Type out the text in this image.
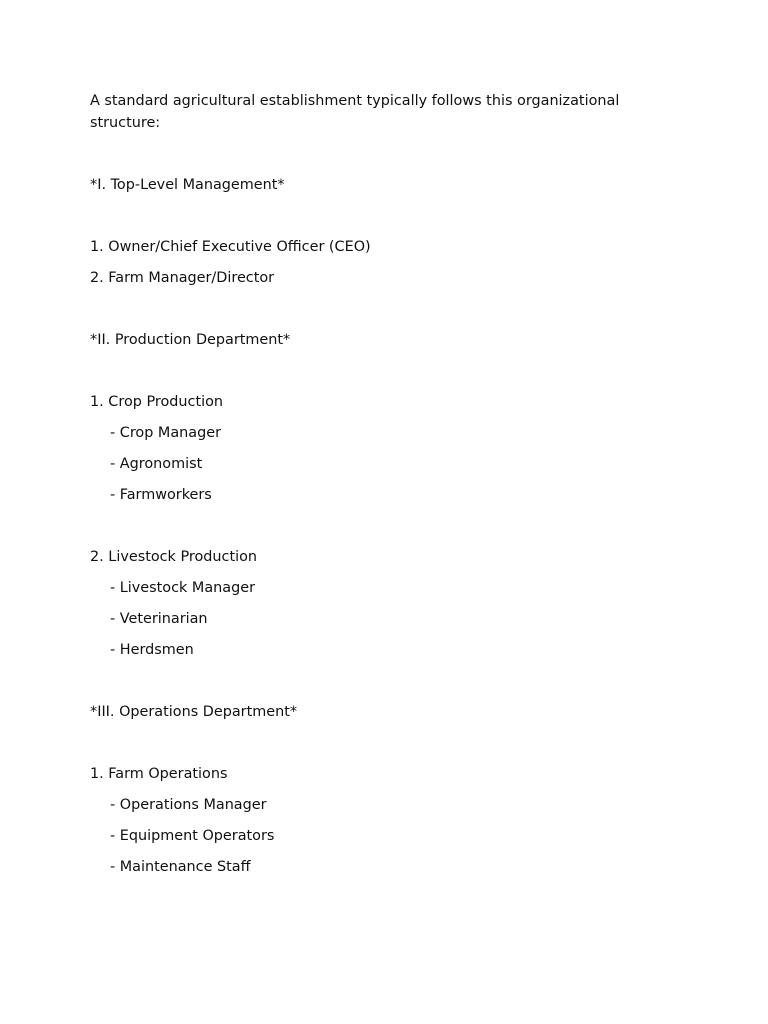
A standard agricultural establishment typically follows this organizational structure:

*I. Top-Level Management*

1. Owner/Chief Executive Officer (CEO)

2. Farm Manager/Director

*II. Production Department*

1. Crop Production

- Crop Manager

- Agronomist

- Farmworkers

2. Livestock Production

- Livestock Manager

- Veterinarian

- Herdsmen

*III. Operations Department*

1. Farm Operations

- Operations Manager

- Equipment Operators

- Maintenance Staff
